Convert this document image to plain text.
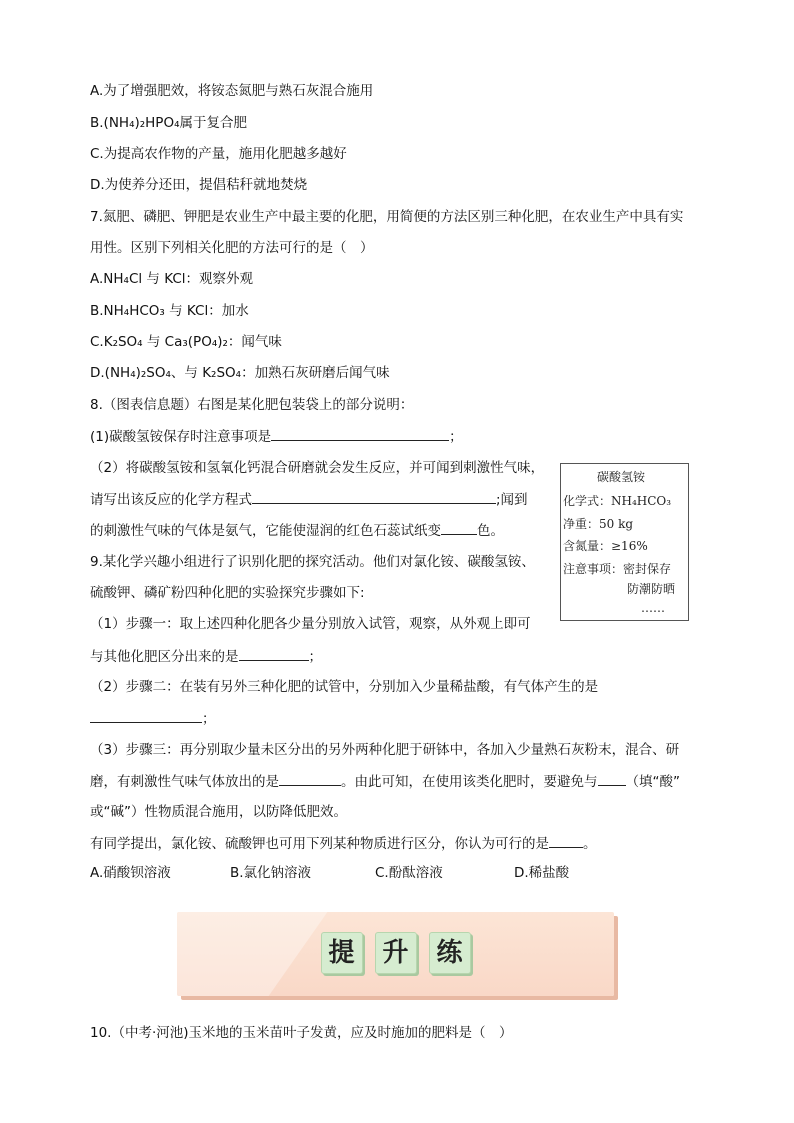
A.为了增强肥效，将铵态氮肥与熟石灰混合施用
B.(NH₄)₂HPO₄属于复合肥
C.为提高农作物的产量，施用化肥越多越好
D.为使养分还田，提倡秸秆就地焚烧
7.氮肥、磷肥、钾肥是农业生产中最主要的化肥，用简便的方法区别三种化肥，在农业生产中具有实
用性。区别下列相关化肥的方法可行的是（　）
A.NH₄Cl 与 KCl：观察外观
B.NH₄HCO₃ 与 KCl：加水
C.K₂SO₄ 与 Ca₃(PO₄)₂：闻气味
D.(NH₄)₂SO₄、与 K₂SO₄：加熟石灰研磨后闻气味
8.（图表信息题）右图是某化肥包装袋上的部分说明：
(1)碳酸氢铵保存时注意事项是	；
（2）将碳酸氢铵和氢氧化钙混合研磨就会发生反应，并可闻到刺激性气味，
请写出该反应的化学方程式	;闻到
的刺激性气味的气体是氨气，它能使湿润的红色石蕊试纸变	色。
9.某化学兴趣小组进行了识别化肥的探究活动。他们对氯化铵、碳酸氢铵、
硫酸钾、磷矿粉四种化肥的实验探究步骤如下:
（1）步骤一：取上述四种化肥各少量分别放入试管，观察，从外观上即可
与其他化肥区分出来的是	；
（2）步骤二：在装有另外三种化肥的试管中，分别加入少量稀盐酸，有气体产生的是
；
（3）步骤三：再分别取少量未区分出的另外两种化肥于研钵中，各加入少量熟石灰粉末，混合、研
磨，有刺激性气味气体放出的是	。由此可知，在使用该类化肥时，要避免与 （填“酸”
或“碱”）性物质混合施用，以防降低肥效。
有同学提出，氯化铵、硫酸钾也可用下列某种物质进行区分，你认为可行的是	。
A.硝酸钡溶液	B.氯化钠溶液	C.酚酞溶液	D.稀盐酸
碳酸氢铵
化学式：NH₄HCO₃
净重：50 kg
含氮量：≥16%
注意事项：密封保存
防潮防晒
……
提 升 练
10.（中考·河池)玉米地的玉米苗叶子发黄，应及时施加的肥料是（　）
